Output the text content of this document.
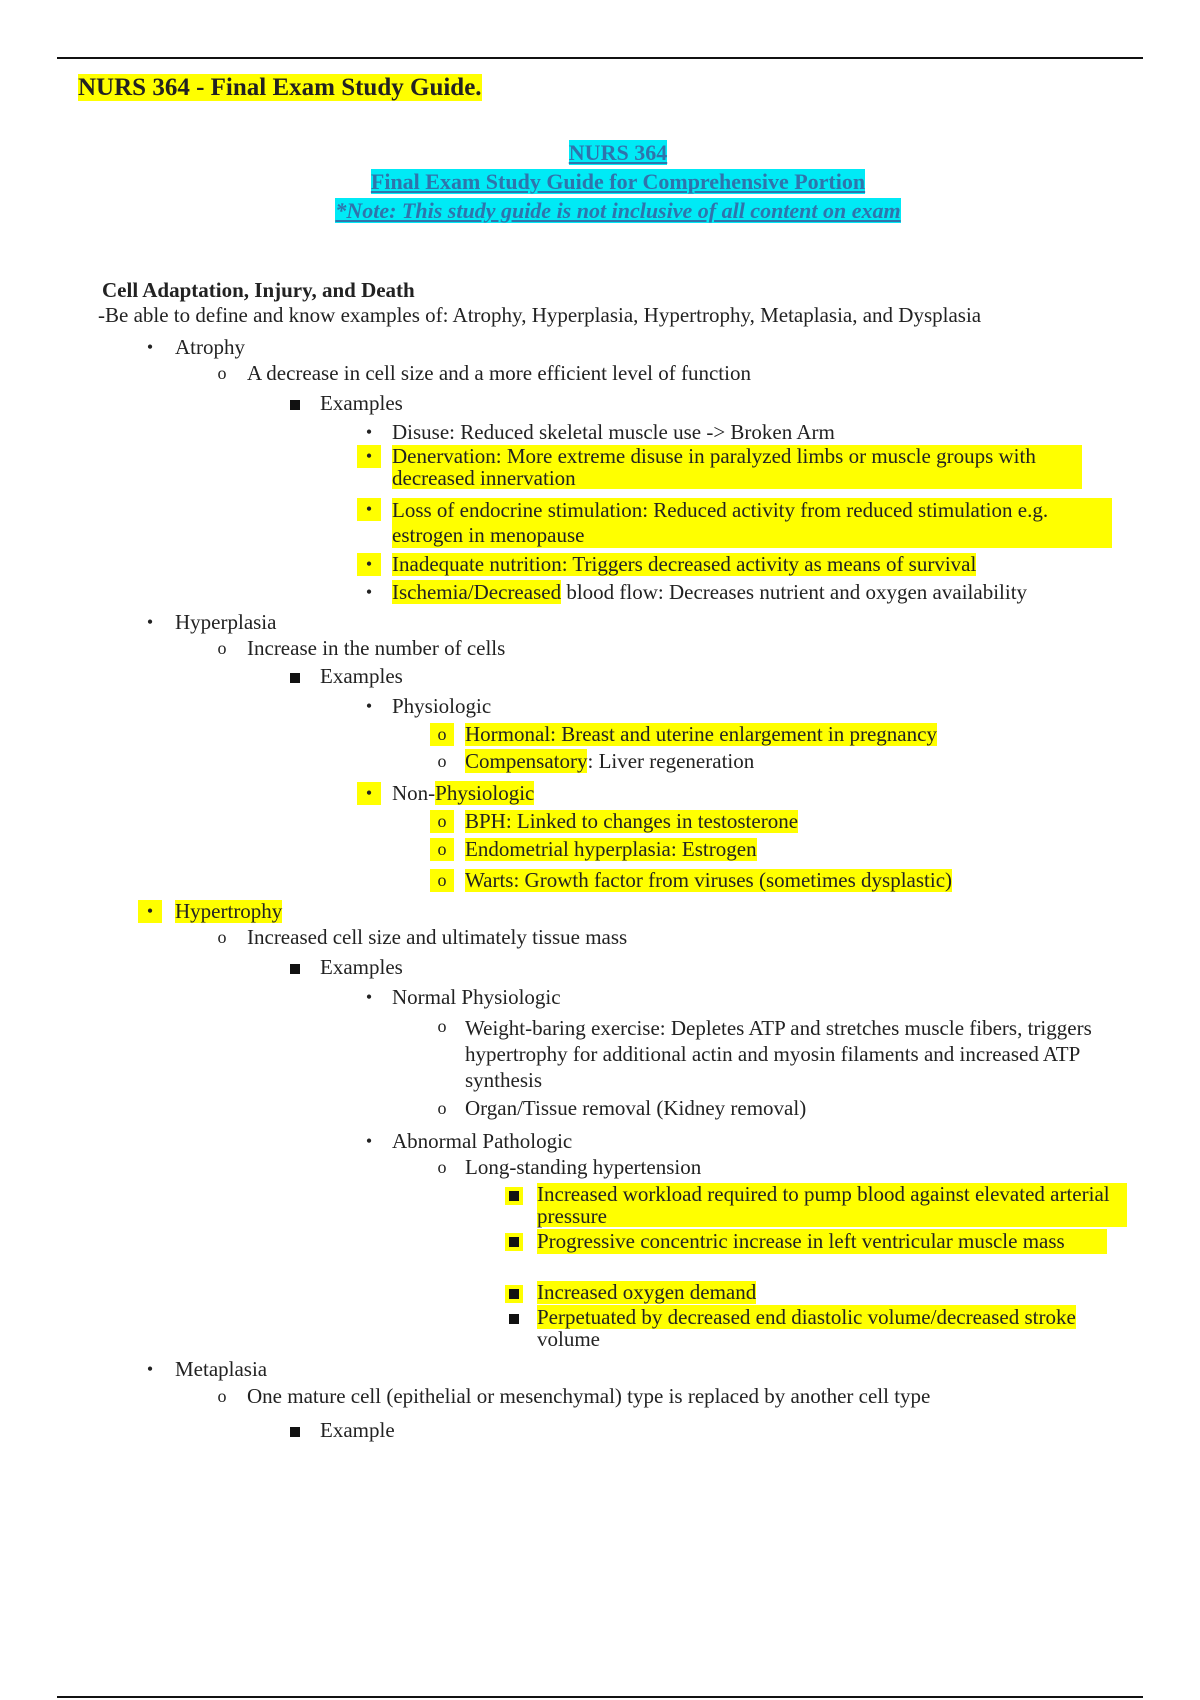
NURS 364 - Final Exam Study Guide.
NURS 364
Final Exam Study Guide for Comprehensive Portion
*Note: This study guide is not inclusive of all content on exam
Cell Adaptation, Injury, and Death
-Be able to define and know examples of: Atrophy, Hyperplasia, Hypertrophy, Metaplasia, and Dysplasia
•	Atrophy
o A decrease in cell size and a more efficient level of function
Examples
• Disuse: Reduced skeletal muscle use -> Broken Arm
• Denervation: More extreme disuse in paralyzed limbs or muscle groups with decreased innervation
• Loss of endocrine stimulation: Reduced activity from reduced stimulation e.g. estrogen in menopause
• Inadequate nutrition: Triggers decreased activity as means of survival
• Ischemia/Decreased blood flow: Decreases nutrient and oxygen availability
•	Hyperplasia
o Increase in the number of cells
Examples
• Physiologic
o Hormonal: Breast and uterine enlargement in pregnancy
o Compensatory: Liver regeneration
• Non-Physiologic
o BPH: Linked to changes in testosterone
o Endometrial hyperplasia: Estrogen
o Warts: Growth factor from viruses (sometimes dysplastic)
•	Hypertrophy
o Increased cell size and ultimately tissue mass
Examples
• Normal Physiologic
o Weight-baring exercise: Depletes ATP and stretches muscle fibers, triggers hypertrophy for additional actin and myosin filaments and increased ATP synthesis
o Organ/Tissue removal (Kidney removal)
• Abnormal Pathologic
o Long-standing hypertension
Increased workload required to pump blood against elevated arterial pressure
Progressive concentric increase in left ventricular muscle mass
Increased oxygen demand
Perpetuated by decreased end diastolic volume/decreased stroke volume
•	Metaplasia
o One mature cell (epithelial or mesenchymal) type is replaced by another cell type
Example
